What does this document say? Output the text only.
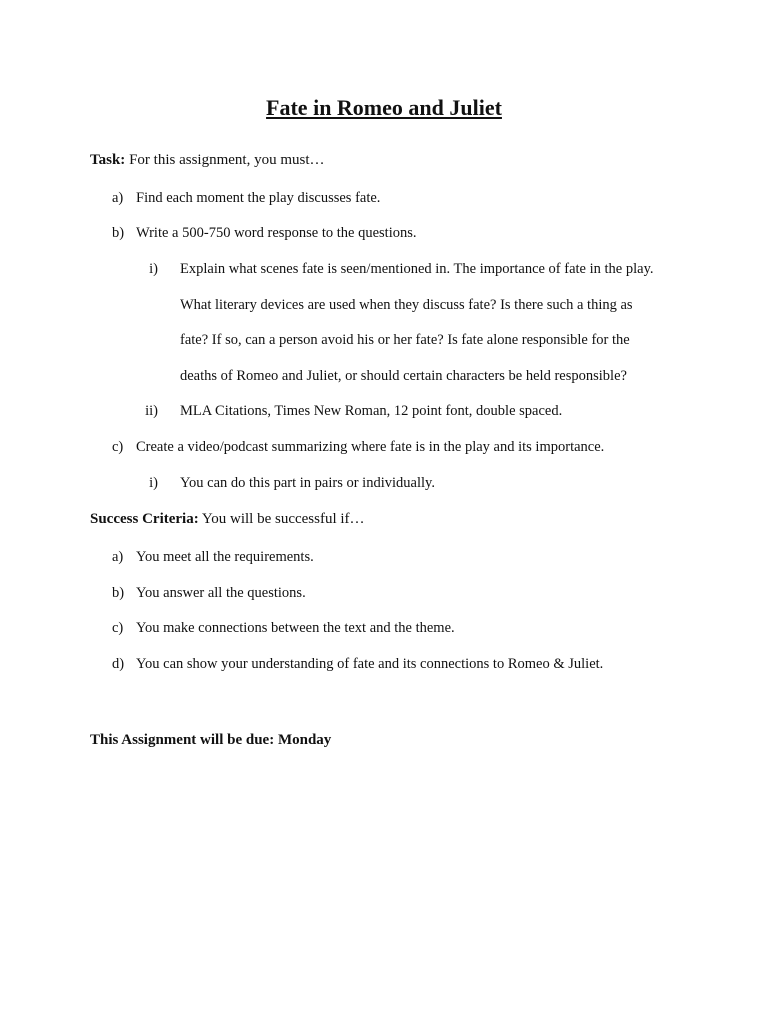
Fate in Romeo and Juliet
Task: For this assignment, you must…
a) Find each moment the play discusses fate.
b) Write a 500-750 word response to the questions.
i) Explain what scenes fate is seen/mentioned in. The importance of fate in the play.
What literary devices are used when they discuss fate? Is there such a thing as
fate? If so, can a person avoid his or her fate? Is fate alone responsible for the
deaths of Romeo and Juliet, or should certain characters be held responsible?
ii) MLA Citations, Times New Roman, 12 point font, double spaced.
c) Create a video/podcast summarizing where fate is in the play and its importance.
i) You can do this part in pairs or individually.
Success Criteria: You will be successful if…
a) You meet all the requirements.
b) You answer all the questions.
c) You make connections between the text and the theme.
d) You can show your understanding of fate and its connections to Romeo & Juliet.
This Assignment will be due: Monday
